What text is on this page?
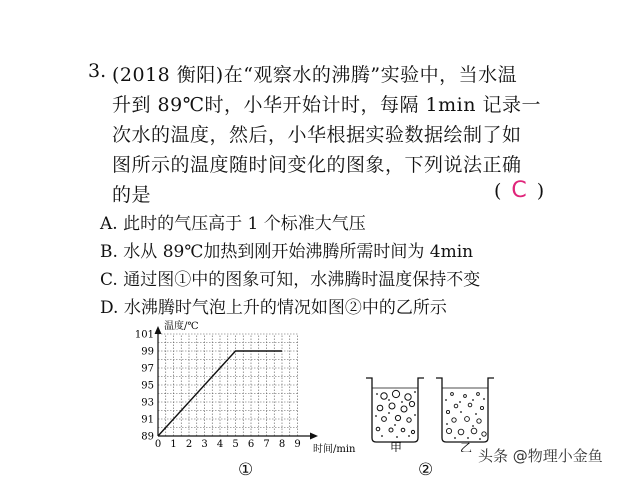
3. (2018 衡阳)在“观察水的沸腾”实验中，当水温
升到 89℃时，小华开始计时，每隔 1min 记录一
次水的温度，然后，小华根据实验数据绘制了如
图所示的温度随时间变化的图象，下列说法正确
的是	( C )
A. 此时的气压高于 1 个标准大气压
B. 水从 89℃加热到刚开始沸腾所需时间为 4min
C. 通过图①中的图象可知，水沸腾时温度保持不变
D. 水沸腾时气泡上升的情况如图②中的乙所示
温度/℃
时间/min
0 1 2 3 4 5 6 7 8 9
89
91
93
95
97
99
101
①
甲	乙
②
头条 @物理小金鱼
